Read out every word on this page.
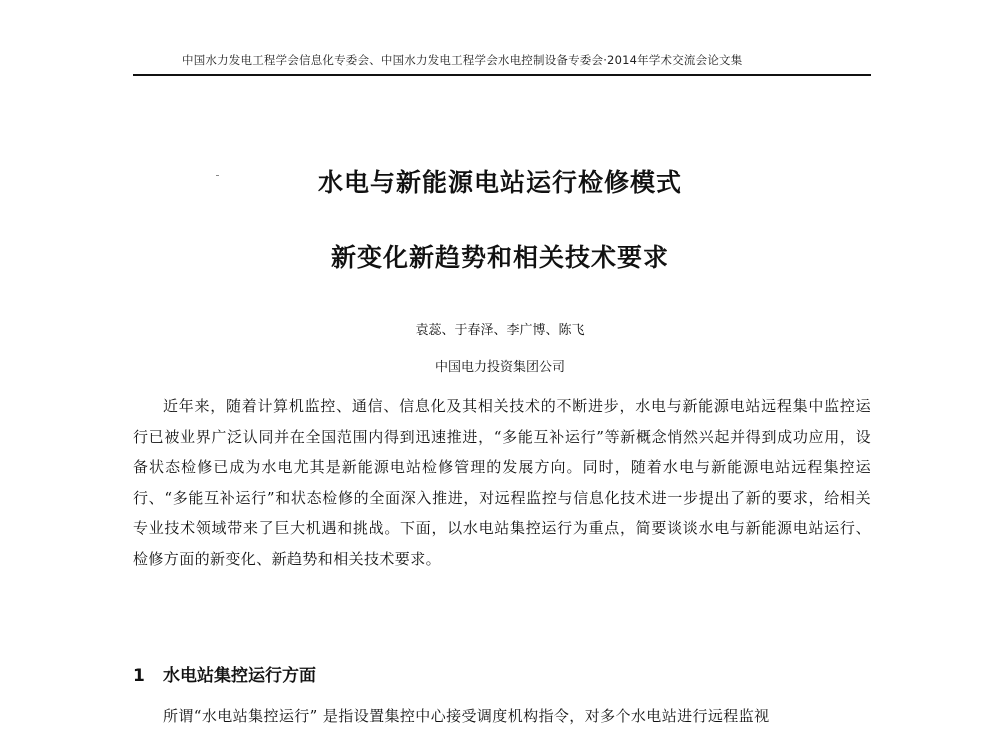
中国水力发电工程学会信息化专委会、中国水力发电工程学会水电控制设备专委会·2014年学术交流会论文集
水电与新能源电站运行检修模式
新变化新趋势和相关技术要求
袁蕊、于春泽、李广博、陈飞
中国电力投资集团公司

近年来，随着计算机监控、通信、信息化及其相关技术的不断进步，水电与新能源电站远程集中监控运行已被业界广泛认同并在全国范围内得到迅速推进，“多能互补运行”等新概念悄然兴起并得到成功应用，设备状态检修已成为水电尤其是新能源电站检修管理的发展方向。同时，随着水电与新能源电站远程集控运行、“多能互补运行”和状态检修的全面深入推进，对远程监控与信息化技术进一步提出了新的要求，给相关专业技术领域带来了巨大机遇和挑战。下面，以水电站集控运行为重点，简要谈谈水电与新能源电站运行、检修方面的新变化、新趋势和相关技术要求。

1 水电站集控运行方面

所谓“水电站集控运行” 是指设置集控中心接受调度机构指令，对多个水电站进行远程监视
